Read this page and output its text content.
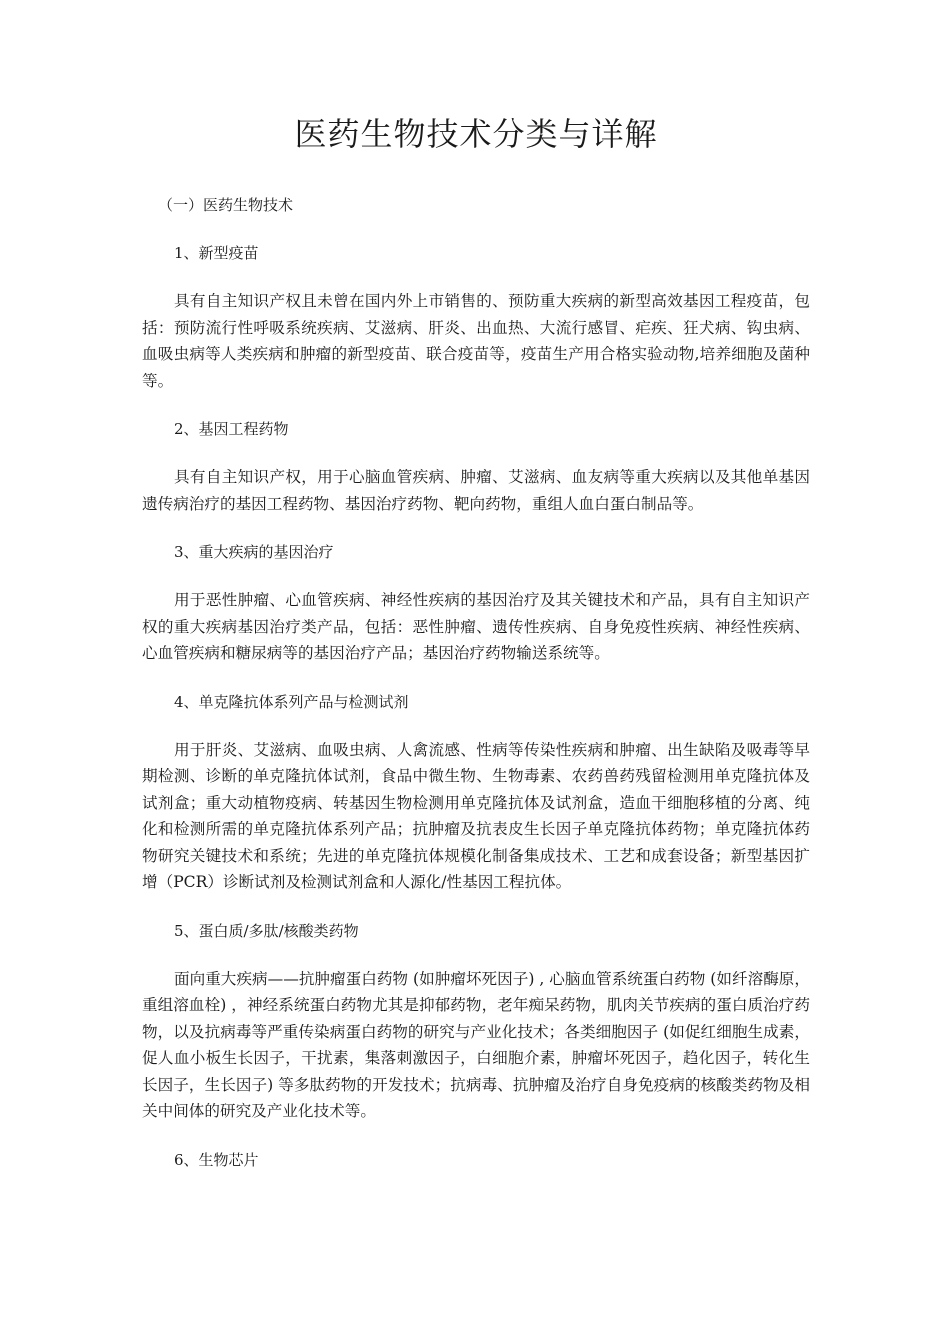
医药生物技术分类与详解

（一）医药生物技术

1、新型疫苗

具有自主知识产权且未曾在国内外上市销售的、预防重大疾病的新型高效基因工程疫苗，包括：预防流行性呼吸系统疾病、艾滋病、肝炎、出血热、大流行感冒、疟疾、狂犬病、钩虫病、血吸虫病等人类疾病和肿瘤的新型疫苗、联合疫苗等，疫苗生产用合格实验动物,培养细胞及菌种等。

2、基因工程药物

具有自主知识产权，用于心脑血管疾病、肿瘤、艾滋病、血友病等重大疾病以及其他单基因遗传病治疗的基因工程药物、基因治疗药物、靶向药物，重组人血白蛋白制品等。

3、重大疾病的基因治疗

用于恶性肿瘤、心血管疾病、神经性疾病的基因治疗及其关键技术和产品，具有自主知识产权的重大疾病基因治疗类产品，包括：恶性肿瘤、遗传性疾病、自身免疫性疾病、神经性疾病、心血管疾病和糖尿病等的基因治疗产品；基因治疗药物输送系统等。

4、单克隆抗体系列产品与检测试剂

用于肝炎、艾滋病、血吸虫病、人禽流感、性病等传染性疾病和肿瘤、出生缺陷及吸毒等早期检测、诊断的单克隆抗体试剂，食品中微生物、生物毒素、农药兽药残留检测用单克隆抗体及试剂盒；重大动植物疫病、转基因生物检测用单克隆抗体及试剂盒，造血干细胞移植的分离、纯化和检测所需的单克隆抗体系列产品；抗肿瘤及抗表皮生长因子单克隆抗体药物；单克隆抗体药物研究关键技术和系统；先进的单克隆抗体规模化制备集成技术、工艺和成套设备；新型基因扩增（PCR）诊断试剂及检测试剂盒和人源化/性基因工程抗体。

5、蛋白质/多肽/核酸类药物

面向重大疾病——抗肿瘤蛋白药物 (如肿瘤坏死因子) , 心脑血管系统蛋白药物 (如纤溶酶原，重组溶血栓) ，神经系统蛋白药物尤其是抑郁药物，老年痴呆药物，肌肉关节疾病的蛋白质治疗药物，以及抗病毒等严重传染病蛋白药物的研究与产业化技术；各类细胞因子 (如促红细胞生成素，促人血小板生长因子，干扰素，集落刺激因子，白细胞介素，肿瘤坏死因子，趋化因子，转化生长因子，生长因子) 等多肽药物的开发技术；抗病毒、抗肿瘤及治疗自身免疫病的核酸类药物及相关中间体的研究及产业化技术等。

6、生物芯片
